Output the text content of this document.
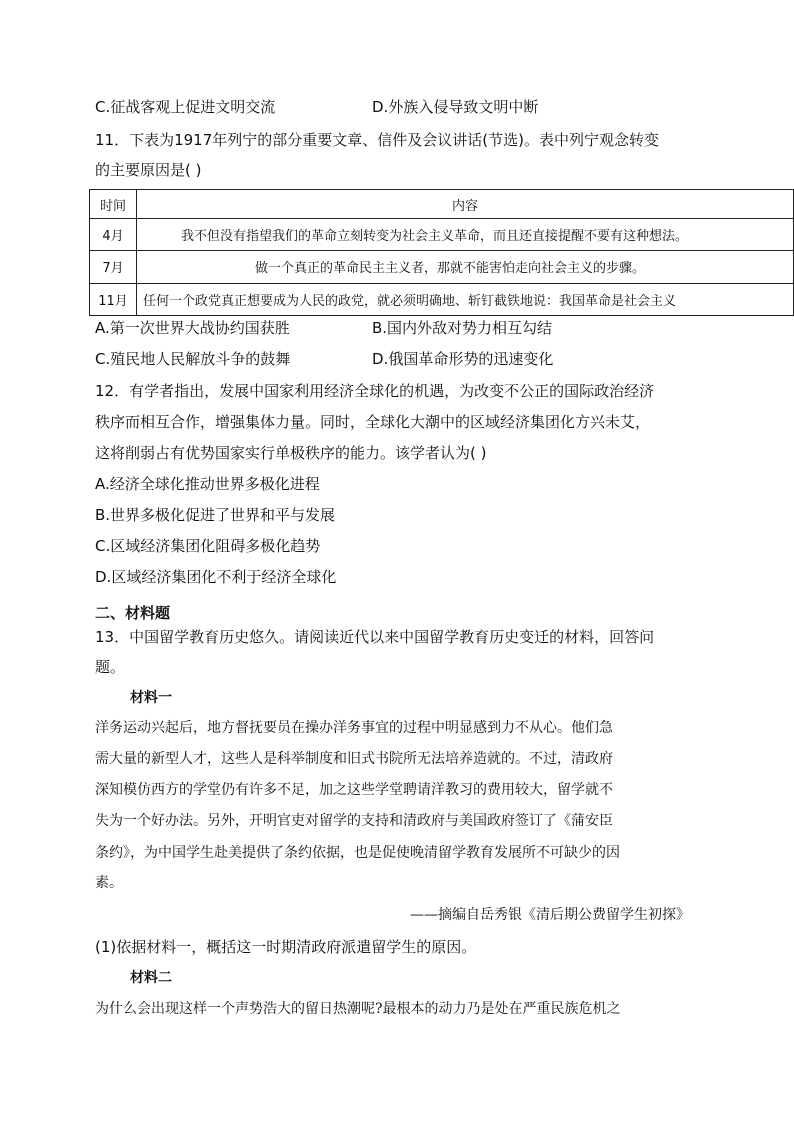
C.征战客观上促进文明交流	D.外族入侵导致文明中断
11．下表为1917年列宁的部分重要文章、信件及会议讲话(节选)。表中列宁观念转变
的主要原因是( )
时间	内容
4月	我不但没有指望我们的革命立刻转变为社会主义革命，而且还直接提醒不要有这种想法。
7月	做一个真正的革命民主主义者，那就不能害怕走向社会主义的步骤。
11月	任何一个政党真正想要成为人民的政党，就必须明确地、斩钉截铁地说：我国革命是社会主义
A.第一次世界大战协约国获胜	B.国内外敌对势力相互勾结
C.殖民地人民解放斗争的鼓舞	D.俄国革命形势的迅速变化
12．有学者指出，发展中国家利用经济全球化的机遇，为改变不公正的国际政治经济
秩序而相互合作，增强集体力量。同时，全球化大潮中的区域经济集团化方兴未艾，
这将削弱占有优势国家实行单极秩序的能力。该学者认为( )
A.经济全球化推动世界多极化进程
B.世界多极化促进了世界和平与发展
C.区域经济集团化阻碍多极化趋势
D.区域经济集团化不利于经济全球化
二、材料题
13．中国留学教育历史悠久。请阅读近代以来中国留学教育历史变迁的材料，回答问
题。
材料一
洋务运动兴起后，地方督抚要员在操办洋务事宜的过程中明显感到力不从心。他们急
需大量的新型人才，这些人是科举制度和旧式书院所无法培养造就的。不过，清政府
深知模仿西方的学堂仍有许多不足，加之这些学堂聘请洋教习的费用较大，留学就不
失为一个好办法。另外，开明官吏对留学的支持和清政府与美国政府签订了《蒲安臣
条约》，为中国学生赴美提供了条约依据，也是促使晚清留学教育发展所不可缺少的因
素。
——摘编自岳秀银《清后期公费留学生初探》
(1)依据材料一，概括这一时期清政府派遣留学生的原因。
材料二
为什么会出现这样一个声势浩大的留日热潮呢?最根本的动力乃是处在严重民族危机之
